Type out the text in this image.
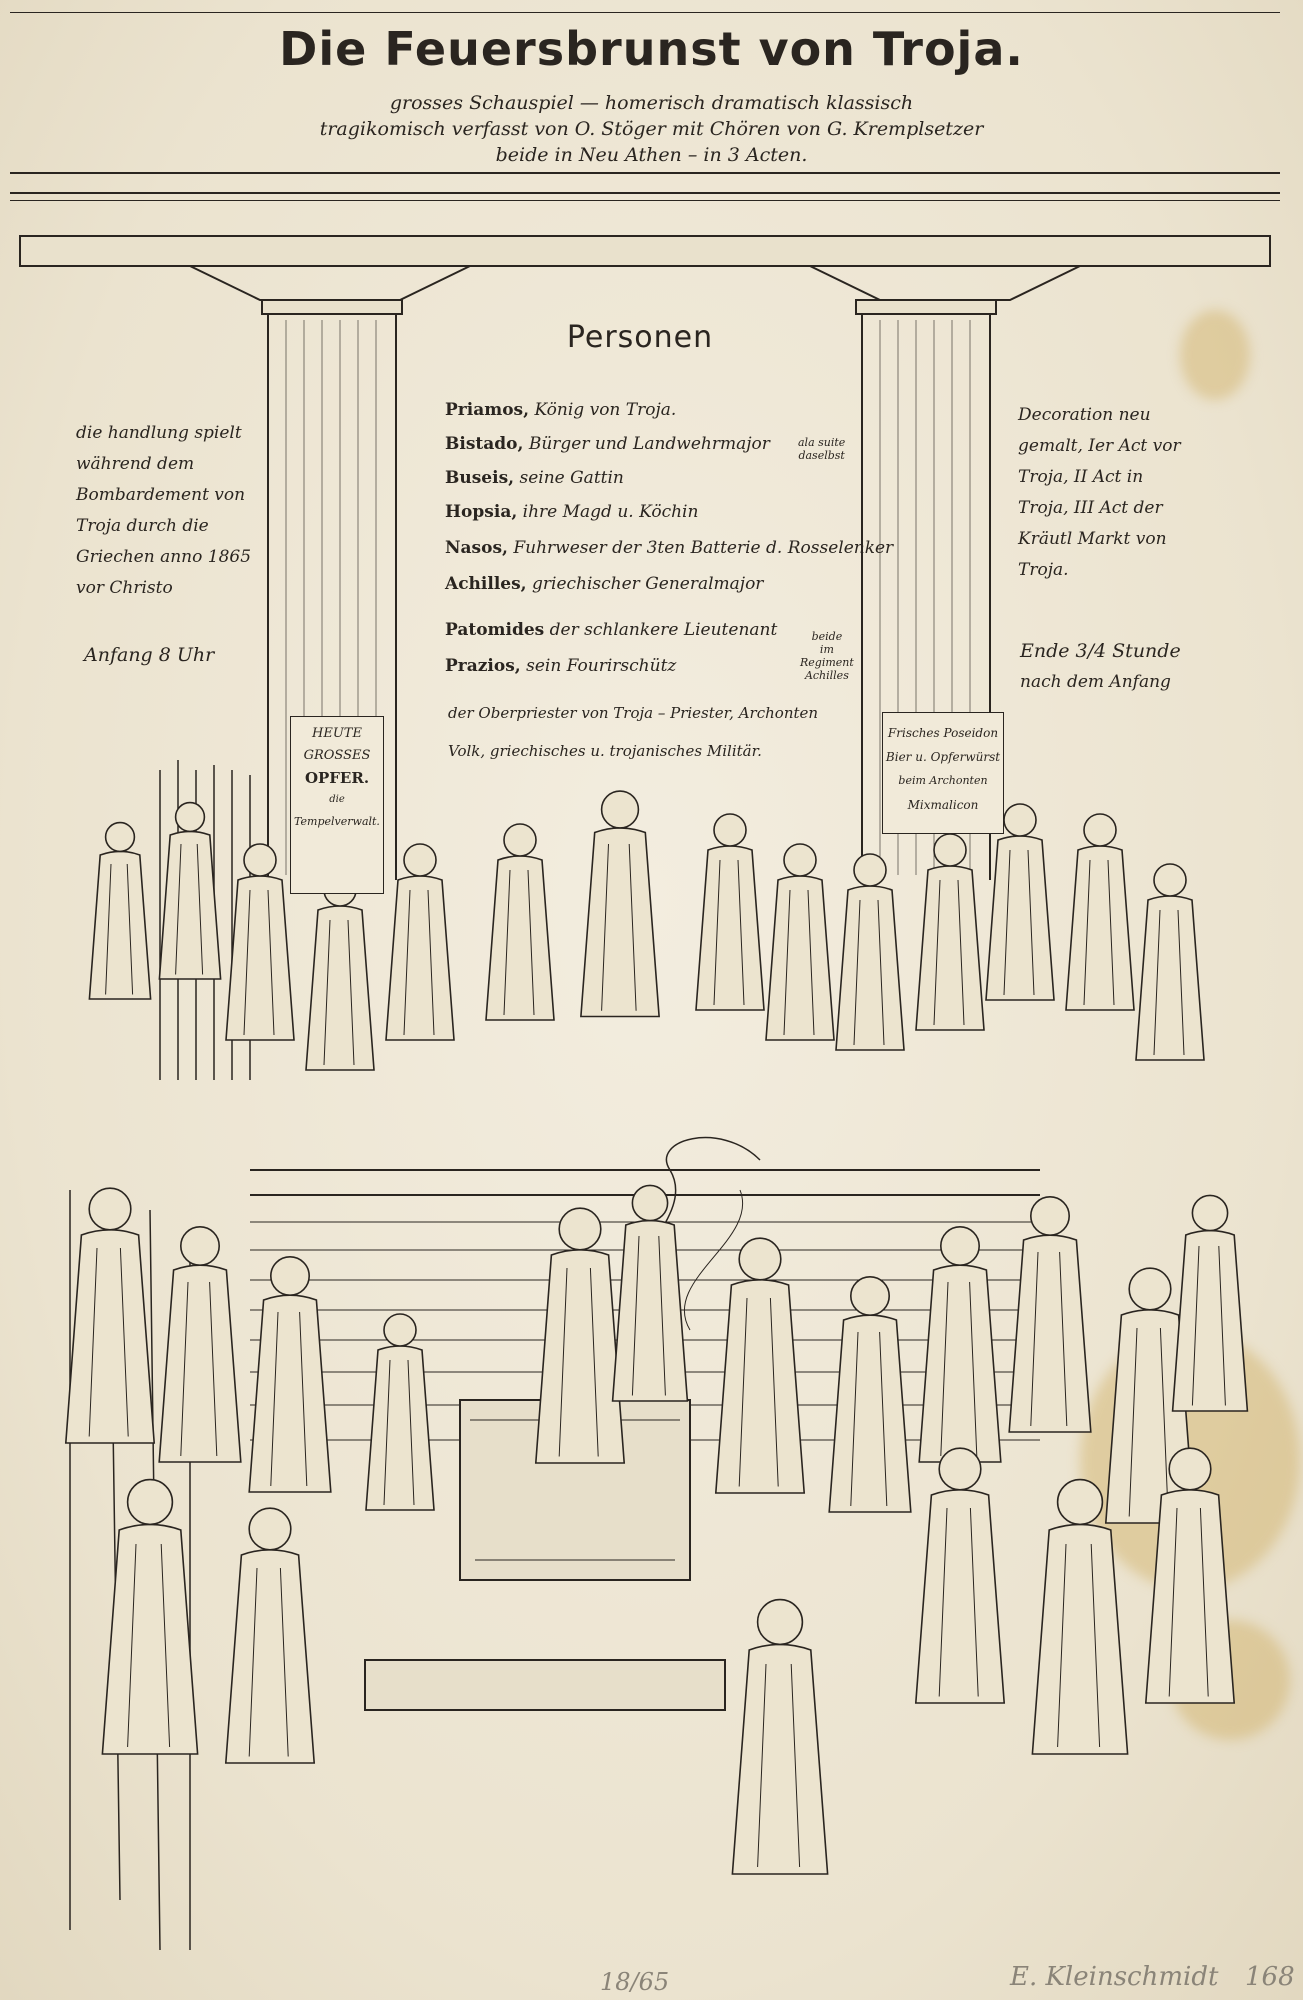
Die Feuersbrunst von Troja.
grosses Schauspiel — homerisch dramatisch klassisch
tragikomisch verfasst von O. Stöger mit Chören von G. Kremplsetzer
beide in Neu Athen – in 3 Acten.
HEUTE
GROSSES
OPFER.
die
Tempelverwalt.
Frisches Poseidon
Bier u. Opferwürst
beim Archonten
Mixmalicon
Personen
Priamos, König von Troja.
Bistado, Bürger und Landwehrmajor
Buseis, seine Gattin
Hopsia, ihre Magd u. Köchin
Nasos, Fuhrweser der 3ten Batterie d. Rosselenker
Achilles, griechischer Generalmajor
Patomides der schlankere Lieutenant
Prazios, sein Fourirschütz
der Oberpriester von Troja – Priester, Archonten
Volk, griechisches u. trojanisches Militär.
ala suite
daselbst
beide
im
Regiment
Achilles
die handlung spielt
während dem
Bombardement von
Troja durch die
Griechen anno 1865
vor Christo
Anfang 8 Uhr
Decoration neu
gemalt, Ier Act vor
Troja, II Act in
Troja, III Act der
Kräutl Markt von
Troja.
Ende 3/4 Stunde
nach dem Anfang
18/65	E. Kleinschmidt 168
